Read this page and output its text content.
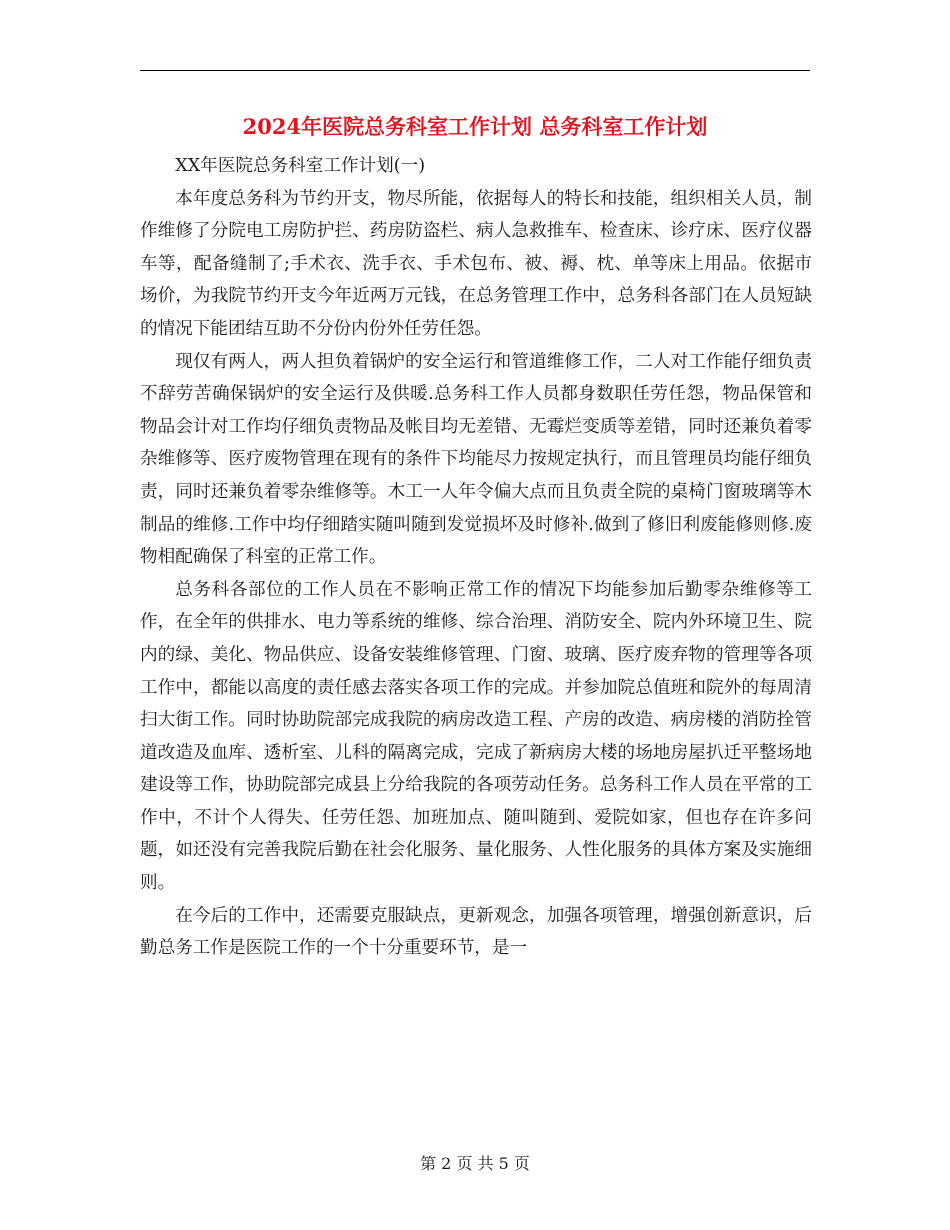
2024年医院总务科室工作计划 总务科室工作计划

XX年医院总务科室工作计划(一)

本年度总务科为节约开支，物尽所能，依据每人的特长和技能，组织相关人员，制作维修了分院电工房防护拦、药房防盗栏、病人急救推车、检查床、诊疗床、医疗仪器车等，配备缝制了;手术衣、洗手衣、手术包布、被、褥、枕、单等床上用品。依据市场价，为我院节约开支今年近两万元钱，在总务管理工作中，总务科各部门在人员短缺的情况下能团结互助不分份内份外任劳任怨。

现仅有两人，两人担负着锅炉的安全运行和管道维修工作，二人对工作能仔细负责不辞劳苦确保锅炉的安全运行及供暖.总务科工作人员都身数职任劳任怨，物品保管和物品会计对工作均仔细负责物品及帐目均无差错、无霉烂变质等差错，同时还兼负着零杂维修等、医疗废物管理在现有的条件下均能尽力按规定执行，而且管理员均能仔细负责，同时还兼负着零杂维修等。木工一人年令偏大点而且负责全院的桌椅门窗玻璃等木制品的维修.工作中均仔细踏实随叫随到发觉损坏及时修补.做到了修旧利废能修则修.废物相配确保了科室的正常工作。

总务科各部位的工作人员在不影响正常工作的情况下均能参加后勤零杂维修等工作，在全年的供排水、电力等系统的维修、综合治理、消防安全、院内外环境卫生、院内的绿、美化、物品供应、设备安装维修管理、门窗、玻璃、医疗废弃物的管理等各项工作中，都能以高度的责任感去落实各项工作的完成。并参加院总值班和院外的每周清扫大街工作。同时协助院部完成我院的病房改造工程、产房的改造、病房楼的消防拴管道改造及血库、透析室、儿科的隔离完成，完成了新病房大楼的场地房屋扒迁平整场地建设等工作，协助院部完成县上分给我院的各项劳动任务。总务科工作人员在平常的工作中，不计个人得失、任劳任怨、加班加点、随叫随到、爱院如家，但也存在许多问题，如还没有完善我院后勤在社会化服务、量化服务、人性化服务的具体方案及实施细则。

在今后的工作中，还需要克服缺点，更新观念，加强各项管理，增强创新意识，后勤总务工作是医院工作的一个十分重要环节，是一

第 2 页 共 5 页
